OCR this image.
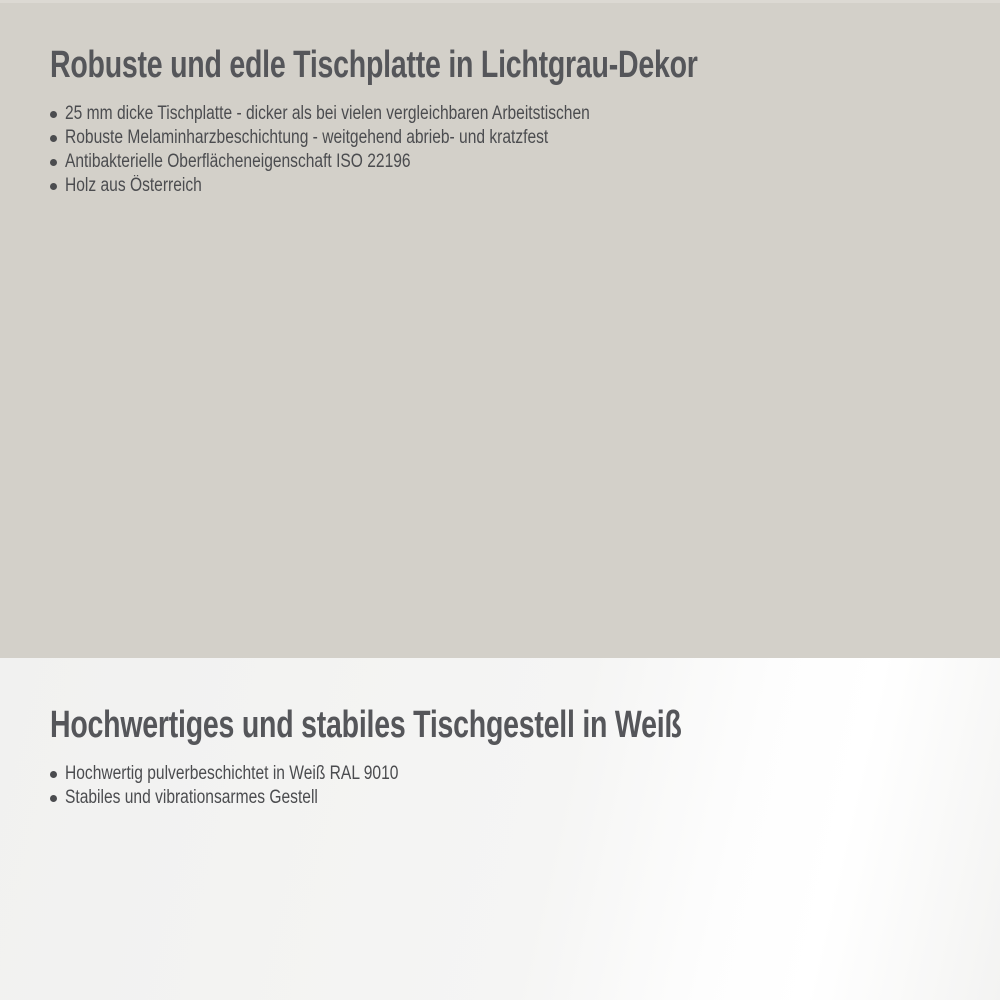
Robuste und edle Tischplatte in Lichtgrau-Dekor
25 mm dicke Tischplatte - dicker als bei vielen vergleichbaren Arbeitstischen
Robuste Melaminharzbeschichtung - weitgehend abrieb- und kratzfest
Antibakterielle Oberflächeneigenschaft ISO 22196
Holz aus Österreich
Hochwertiges und stabiles Tischgestell in Weiß
Hochwertig pulverbeschichtet in Weiß RAL 9010
Stabiles und vibrationsarmes Gestell
